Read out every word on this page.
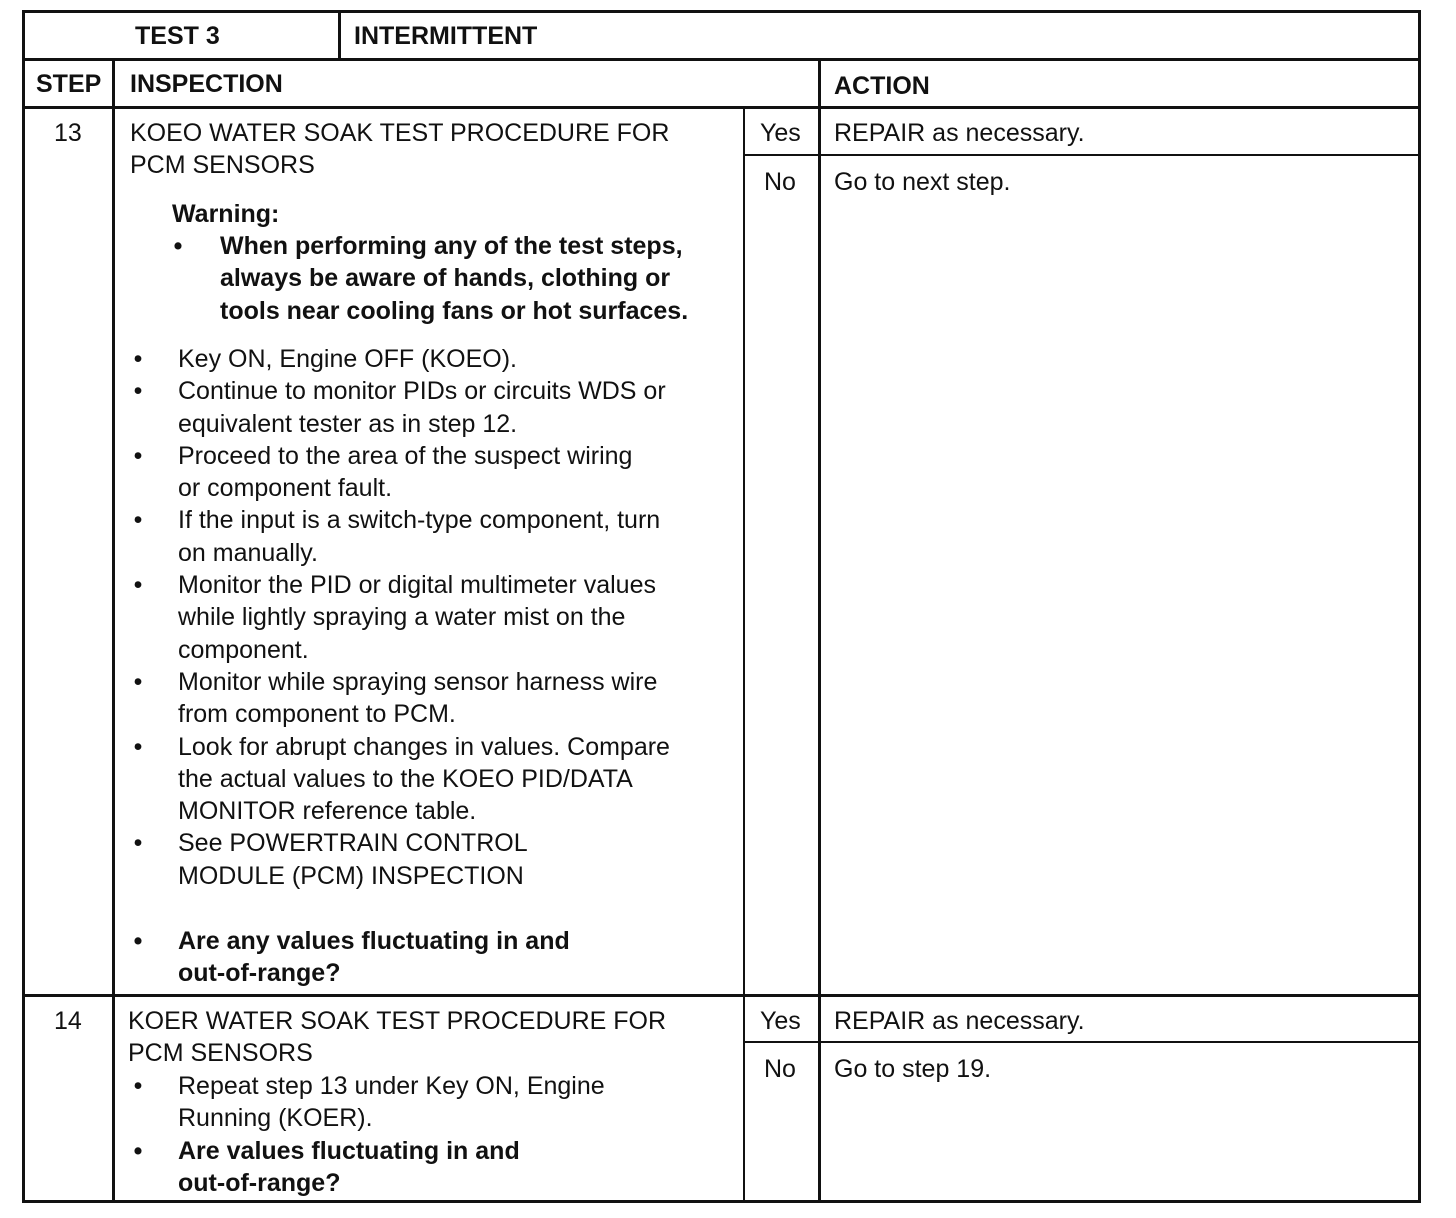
TEST 3	INTERMITTENT
STEP INSPECTION	ACTION
13 KOEO WATER SOAK TEST PROCEDURE FOR
PCM SENSORS
Warning:
• When performing any of the test steps,
always be aware of hands, clothing or
tools near cooling fans or hot surfaces.
• Key ON, Engine OFF (KOEO).
• Continue to monitor PIDs or circuits WDS or
equivalent tester as in step 12.
• Proceed to the area of the suspect wiring
or component fault.
• If the input is a switch-type component, turn
on manually.
• Monitor the PID or digital multimeter values
while lightly spraying a water mist on the
component.
• Monitor while spraying sensor harness wire
from component to PCM.
• Look for abrupt changes in values. Compare
the actual values to the KOEO PID/DATA
MONITOR reference table.
• See POWERTRAIN CONTROL
MODULE (PCM) INSPECTION
• Are any values fluctuating in and
out-of-range?
Yes REPAIR as necessary.
No Go to next step.
14 KOER WATER SOAK TEST PROCEDURE FOR
PCM SENSORS
• Repeat step 13 under Key ON, Engine
Running (KOER).
• Are values fluctuating in and
out-of-range?
Yes REPAIR as necessary.
No Go to step 19.
